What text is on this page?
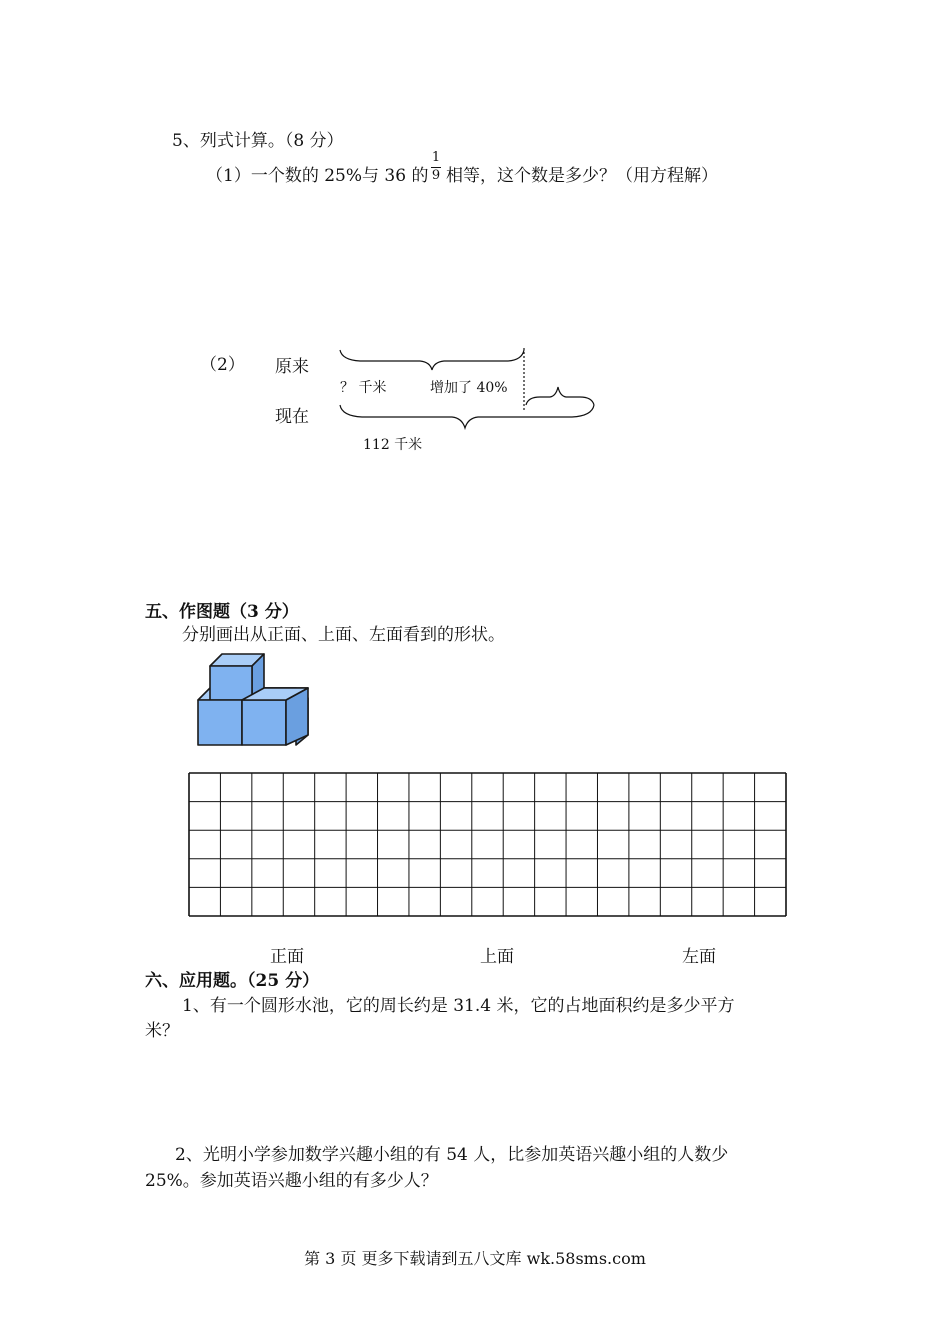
5、列式计算。（8 分）
（1）一个数的 25%与 36 的
1
9 相等，这个数是多少？（用方程解）
（2） 原来
现在
？ 千米	增加了 40%
112 千米
五、作图题（3 分）
分别画出从正面、上面、左面看到的形状。
正面	上面	左面
六、应用题。（25 分）
1、有一个圆形水池，它的周长约是 31.4 米，它的占地面积约是多少平方
米？
2、光明小学参加数学兴趣小组的有 54 人，比参加英语兴趣小组的人数少
25%。参加英语兴趣小组的有多少人？
第 3 页 更多下载请到五八文库 wk.58sms.com
